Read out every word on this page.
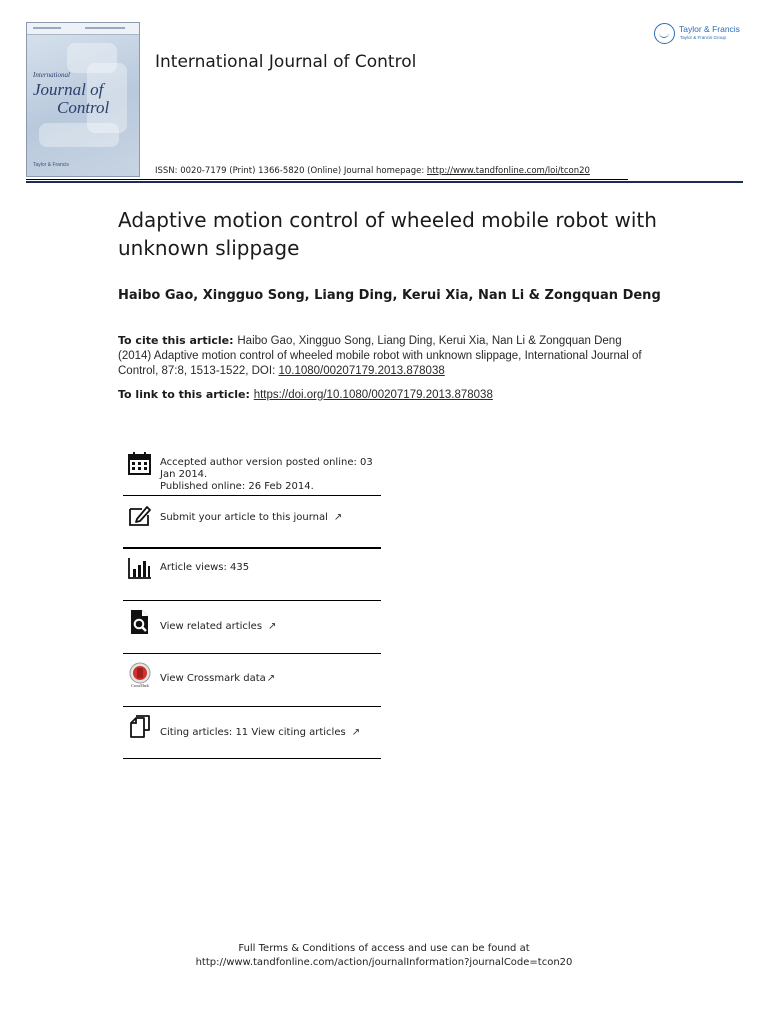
International
Journal of
Control
Taylor & Francis
International Journal of Control
Taylor & Francis
Taylor & Francis Group
ISSN: 0020-7179 (Print) 1366-5820 (Online) Journal homepage: http://www.tandfonline.com/loi/tcon20
Adaptive motion control of wheeled mobile robot with unknown slippage
Haibo Gao, Xingguo Song, Liang Ding, Kerui Xia, Nan Li & Zongquan Deng
To cite this article: Haibo Gao, Xingguo Song, Liang Ding, Kerui Xia, Nan Li & Zongquan Deng (2014) Adaptive motion control of wheeled mobile robot with unknown slippage, International Journal of Control, 87:8, 1513-1522, DOI: 10.1080/00207179.2013.878038
To link to this article: https://doi.org/10.1080/00207179.2013.878038
Accepted author version posted online: 03 Jan 2014.
Published online: 26 Feb 2014.
Submit your article to this journal ↗
Article views: 435
View related articles ↗
CrossMark
View Crossmark data↗
Citing articles: 11 View citing articles ↗
Full Terms & Conditions of access and use can be found at
http://www.tandfonline.com/action/journalInformation?journalCode=tcon20
